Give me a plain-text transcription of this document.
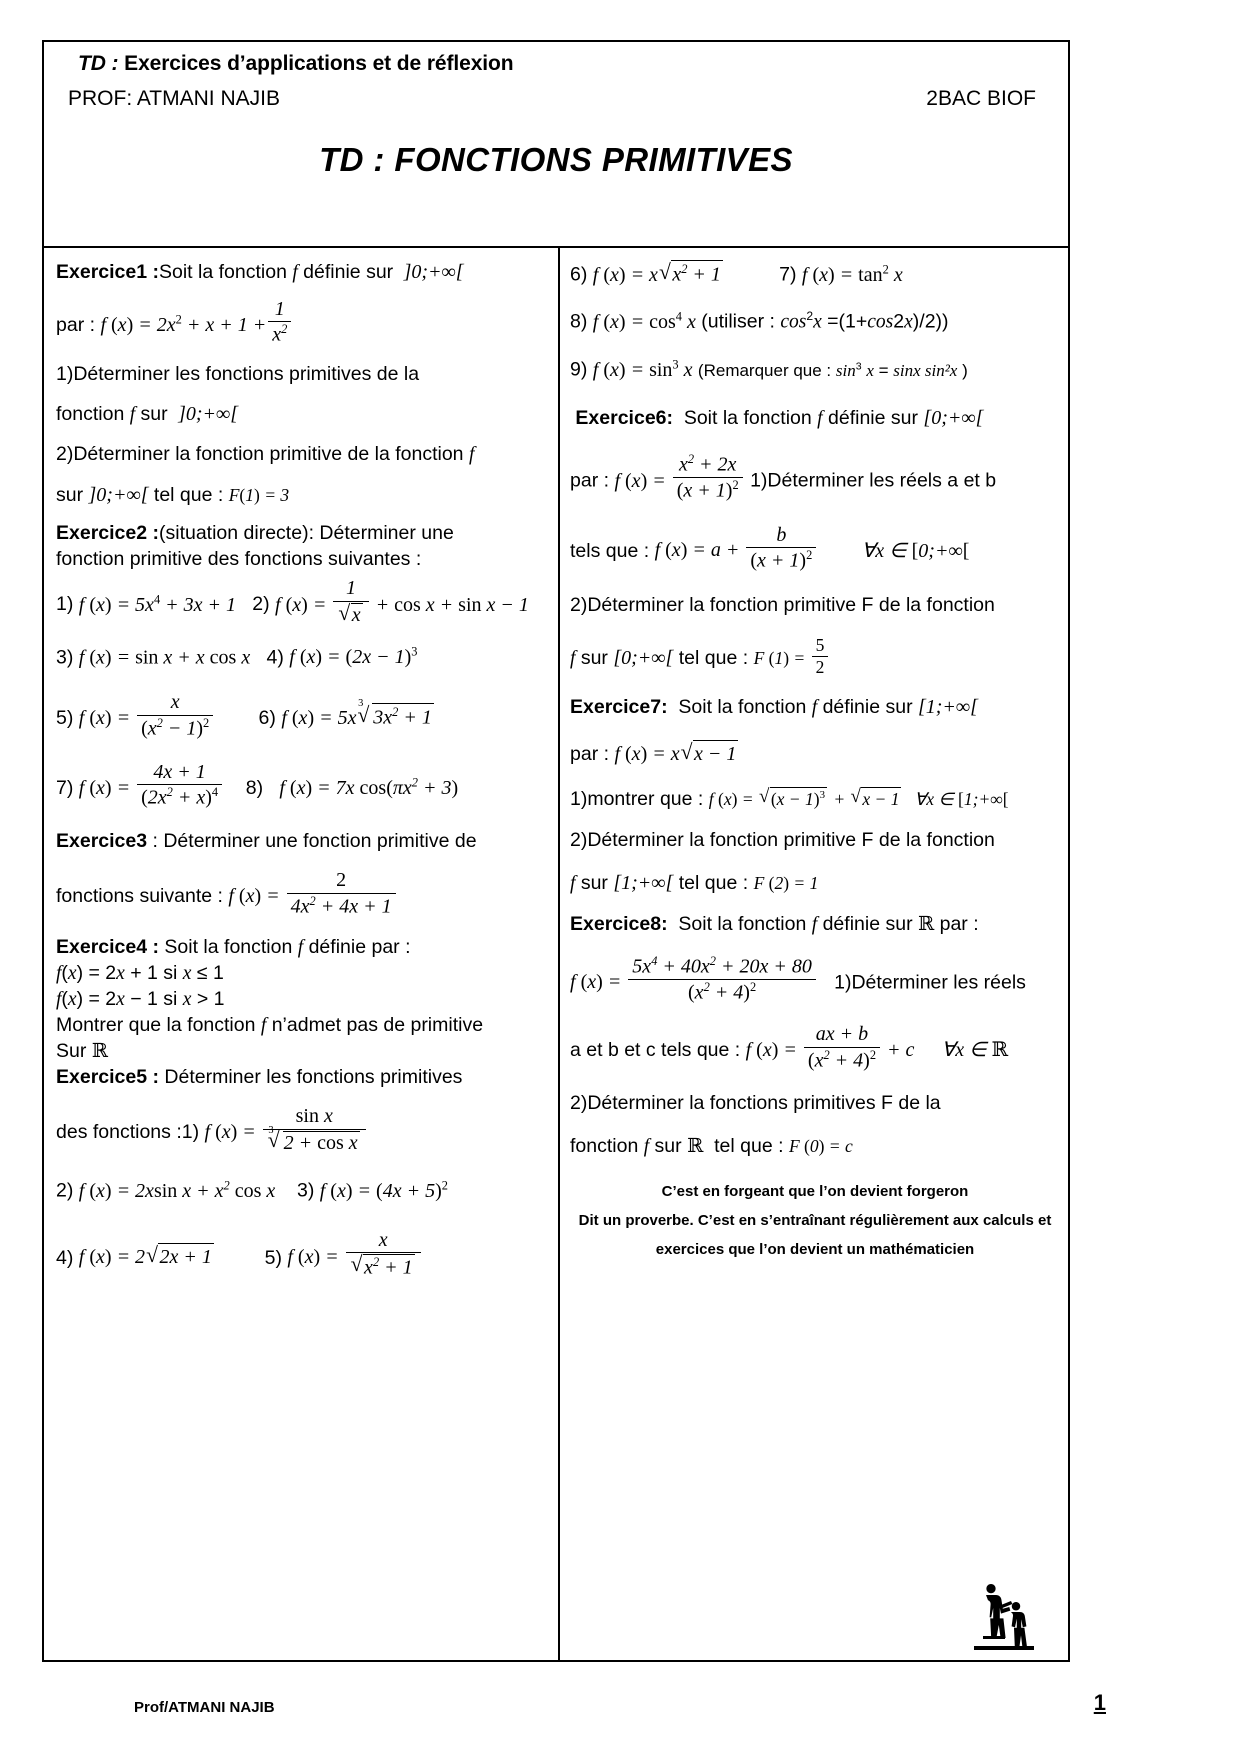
TD : Exercices d’applications et de réflexion
PROF: ATMANI NAJIB	2BAC BIOF
TD : FONCTIONS PRIMITIVES
Exercice1 :Soit la fonction f définie sur  ]0;+∞[
par : f $(x) = 2x^2 + x + 1 + \frac{1}{x^2}$
1)Déterminer les fonctions primitives de la
fonction f sur  ]0;+∞[
2)Déterminer la fonction primitive de la fonction f
sur ]0;+∞[ tel que : F(1) = 3
Exercice2 :(situation directe): Déterminer une
fonction primitive des fonctions suivantes :
1) f $(x) = 5x^4 + 3x + 1$ 2) f (x) = 1
√ x + cos x + sin x − 1
3) f (x) = sin x + x cos x 4) f $(x) = (2x - 1)^3$
5) f $(x) = \frac{x}{(x^2 - 1)^2} 6$) f (x) = 5x
√ 3
$3x^2 + 1$
7) f $(x) = \frac{4x + 1}{(2x^2 + x)^4} 8$)   f (x) = 7x $\cos(\pi x^2 + 3)$
Exercice3 : Déterminer une fonction primitive de
fonctions suivante : f $(x) = \frac{2}{4x^2 + 4x + 1}$
Exercice4 : Soit la fonction f définie par :
f(x) = 2x + 1 si x ≤ 1
f(x) = 2x − 1 si x > 1
Montrer que la fonction f n’admet pas de primitive
Sur ℝ
Exercice5 : Déterminer les fonctions primitives
des fonctions :1) f (x) = sin x
√ 3
2 + cos x
2) f (x) = 2xsin $x + x^2$ cos x 3) f $(x) = (4x + 5)^2$
4) f (x) = 2 √ 2x + 1	5) f (x) = x
√ $x^2 + 1$
6) f (x) = x √ $x^2 + 1$	7) f $(x) = \tan^2 x$
8) f $(x) = \cos^4 x$ (utiliser : $\cos^2x =(1+\cos 2x)/2$))
9) f $(x) = \sin^3 x$ (Remarquer que : $\sin^3 x = \sin x$ sin²x )
Exercice6:  Soit la fonction f définie sur [0;+∞[
par : f $(x) = \frac{x^2 + 2x}{(x + 1)^2}$ 1)Déterminer les réels a et b
tels que : f $(x) = a + \frac{b}{(x + 1)^2}$ ∀x ∈ [0;+∞[
2)Déterminer la fonction primitive F de la fonction
f sur [0;+∞[ tel que : F $(1) = \frac{5}{2}$
Exercice7:  Soit la fonction f définie sur [1;+∞[
par : f (x) = x √ x − 1
1)montrer que : f (x) = √ $(x - 1)^3$ + √ x − 1 ∀x ∈ [1;+∞[
2)Déterminer la fonction primitive F de la fonction
f sur [1;+∞[ tel que : F (2) = 1
Exercice8:  Soit la fonction f définie sur ℝ par :
f $(x) = \frac{5x^4 + 40x^2 + 20x + 80}{(x^2 + 4)^2}$ 1)Déterminer les réels
a et b et c tels que : f $(x) = \frac{ax + b}{(x^2 + 4)^2} + c$ ∀x ∈ ℝ
2)Déterminer la fonctions primitives F de la
fonction f sur ℝ  tel que : F (0) = c
C’est en forgeant que l’on devient forgeron
Dit un proverbe. C’est en s’entraînant régulièrement aux calculs et
exercices que l’on devient un mathématicien
Prof/ATMANI NAJIB	1
